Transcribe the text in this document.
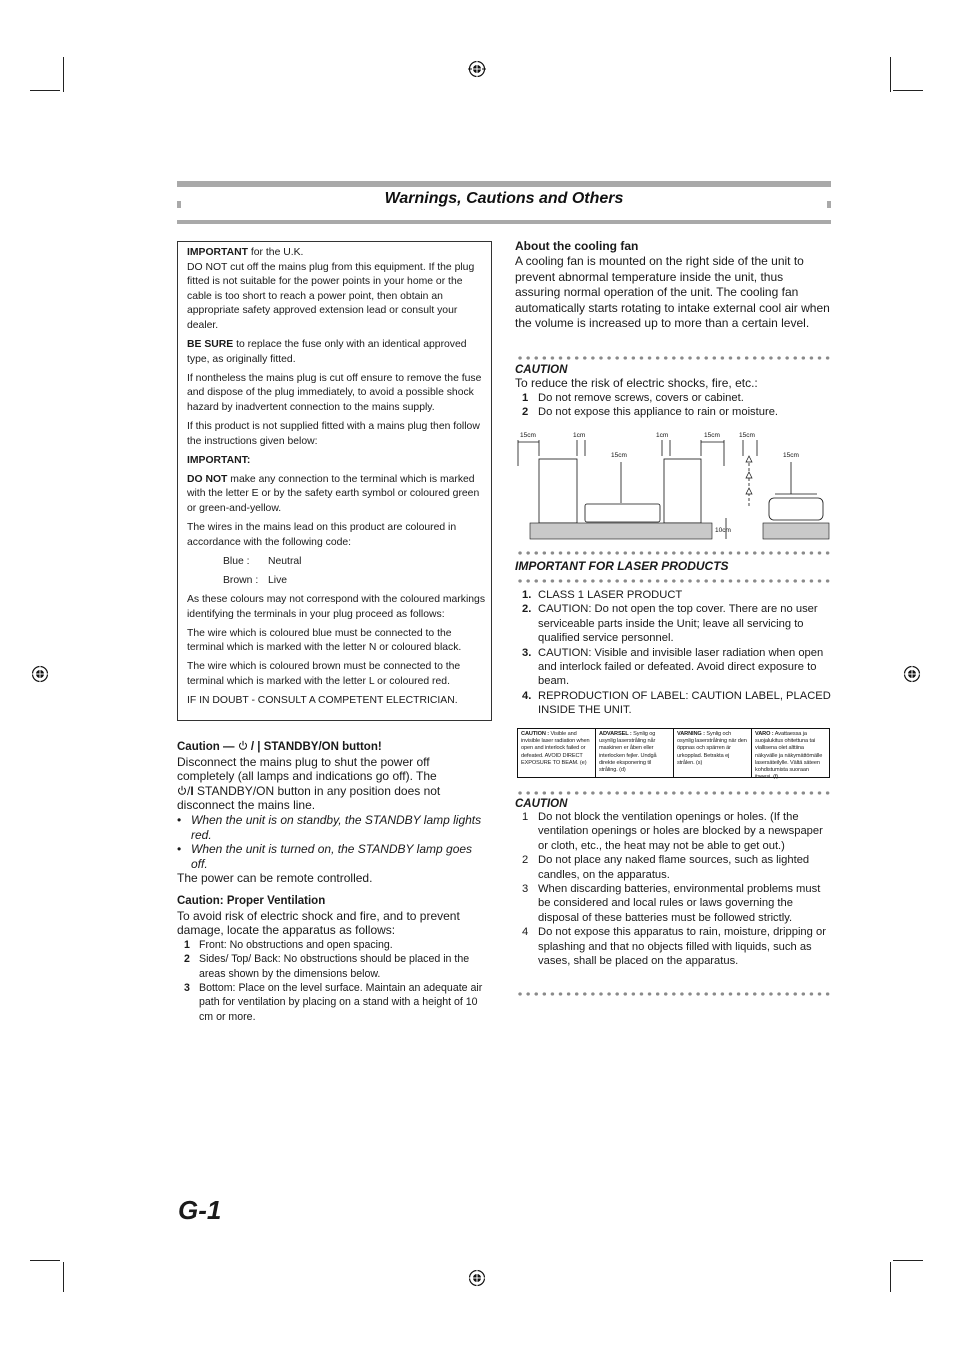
Warnings, Cautions and Others

IMPORTANT for the U.K.
DO NOT cut off the mains plug from this equipment. If the plug fitted is not suitable for the power points in your home or the cable is too short to reach a power point, then obtain an appropriate safety approved extension lead or consult your dealer.

BE SURE to replace the fuse only with an identical approved type, as originally fitted.

If nontheless the mains plug is cut off ensure to remove the fuse and dispose of the plug immediately, to avoid a possible shock hazard by inadvertent connection to the mains supply.

If this product is not supplied fitted with a mains plug then follow the instructions given below:

IMPORTANT:

DO NOT make any connection to the terminal which is marked with the letter E or by the safety earth symbol or coloured green or green-and-yellow.

The wires in the mains lead on this product are coloured in accordance with the following code:

Blue : Neutral

Brown : Live

As these colours may not correspond with the coloured markings identifying the terminals in your plug proceed as follows:

The wire which is coloured blue must be connected to the terminal which is marked with the letter N or coloured black.

The wire which is coloured brown must be connected to the terminal which is marked with the letter L or coloured red.

IF IN DOUBT - CONSULT A COMPETENT ELECTRICIAN.

Caution —  / | STANDBY/ON button!

Disconnect the mains plug to shut the power off completely (all lamps and indications go off). The
/I STANDBY/ON button in any position does not disconnect the mains line.

• When the unit is on standby, the STANDBY lamp lights red.
• When the unit is turned on, the STANDBY lamp goes off.

The power can be remote controlled.

Caution: Proper Ventilation

To avoid risk of electric shock and fire, and to prevent damage, locate the apparatus as follows:

1 Front: No obstructions and open spacing.
2 Sides/ Top/ Back: No obstructions should be placed in the areas shown by the dimensions below.
3 Bottom: Place on the level surface. Maintain an adequate air path for ventilation by placing on a stand with a height of 10 cm or more.
About the cooling fan
A cooling fan is mounted on the right side of the unit to prevent abnormal temperature inside the unit, thus assuring normal operation of the unit. The cooling fan automatically starts rotating to intake external cool air when the volume is increased up to more than a certain level.
CAUTION
To reduce the risk of electric shocks, fire, etc.:
1 Do not remove screws, covers or cabinet.
2 Do not expose this appliance to rain or moisture.
15cm	1cm	1cm	15cm	15cm
15cm
10cm
15cm
IMPORTANT FOR LASER PRODUCTS
1. CLASS 1 LASER PRODUCT
2. CAUTION: Do not open the top cover. There are no user serviceable parts inside the Unit; leave all servicing to qualified service personnel.
3. CAUTION: Visible and invisible laser radiation when open and interlock failed or defeated. Avoid direct exposure to beam.
4. REPRODUCTION OF LABEL: CAUTION LABEL, PLACED INSIDE THE UNIT.
CAUTION : Visible and invisible laser radiation when open and interlock failed or defeated. AVOID DIRECT EXPOSURE TO BEAM. (e)
ADVARSEL : Synlig og usynlig laserstråling når maskinen er åben eller interlocken fejler. Undgå direkte eksponering til stråling. (d)
VARNING : Synlig och osynlig laserstrålning när den öppnas och spärren är urkopplad. Betrakta ej strålen. (s)
VARO : Avattaessa ja suojalukitus ohitettuna tai viallisena olet alttiina näkyvälle ja näkymättömälle lasersäteilylle. Vältä säteen kohdistumista suoraan itseesi. (f)
CAUTION
1 Do not block the ventilation openings or holes. (If the ventilation openings or holes are blocked by a newspaper or cloth, etc., the heat may not be able to get out.)
2 Do not place any naked flame sources, such as lighted candles, on the apparatus.
3 When discarding batteries, environmental problems must be considered and local rules or laws governing the disposal of these batteries must be followed strictly.
4 Do not expose this apparatus to rain, moisture, dripping or splashing and that no objects filled with liquids, such as vases, shall be placed on the apparatus.
G-1
